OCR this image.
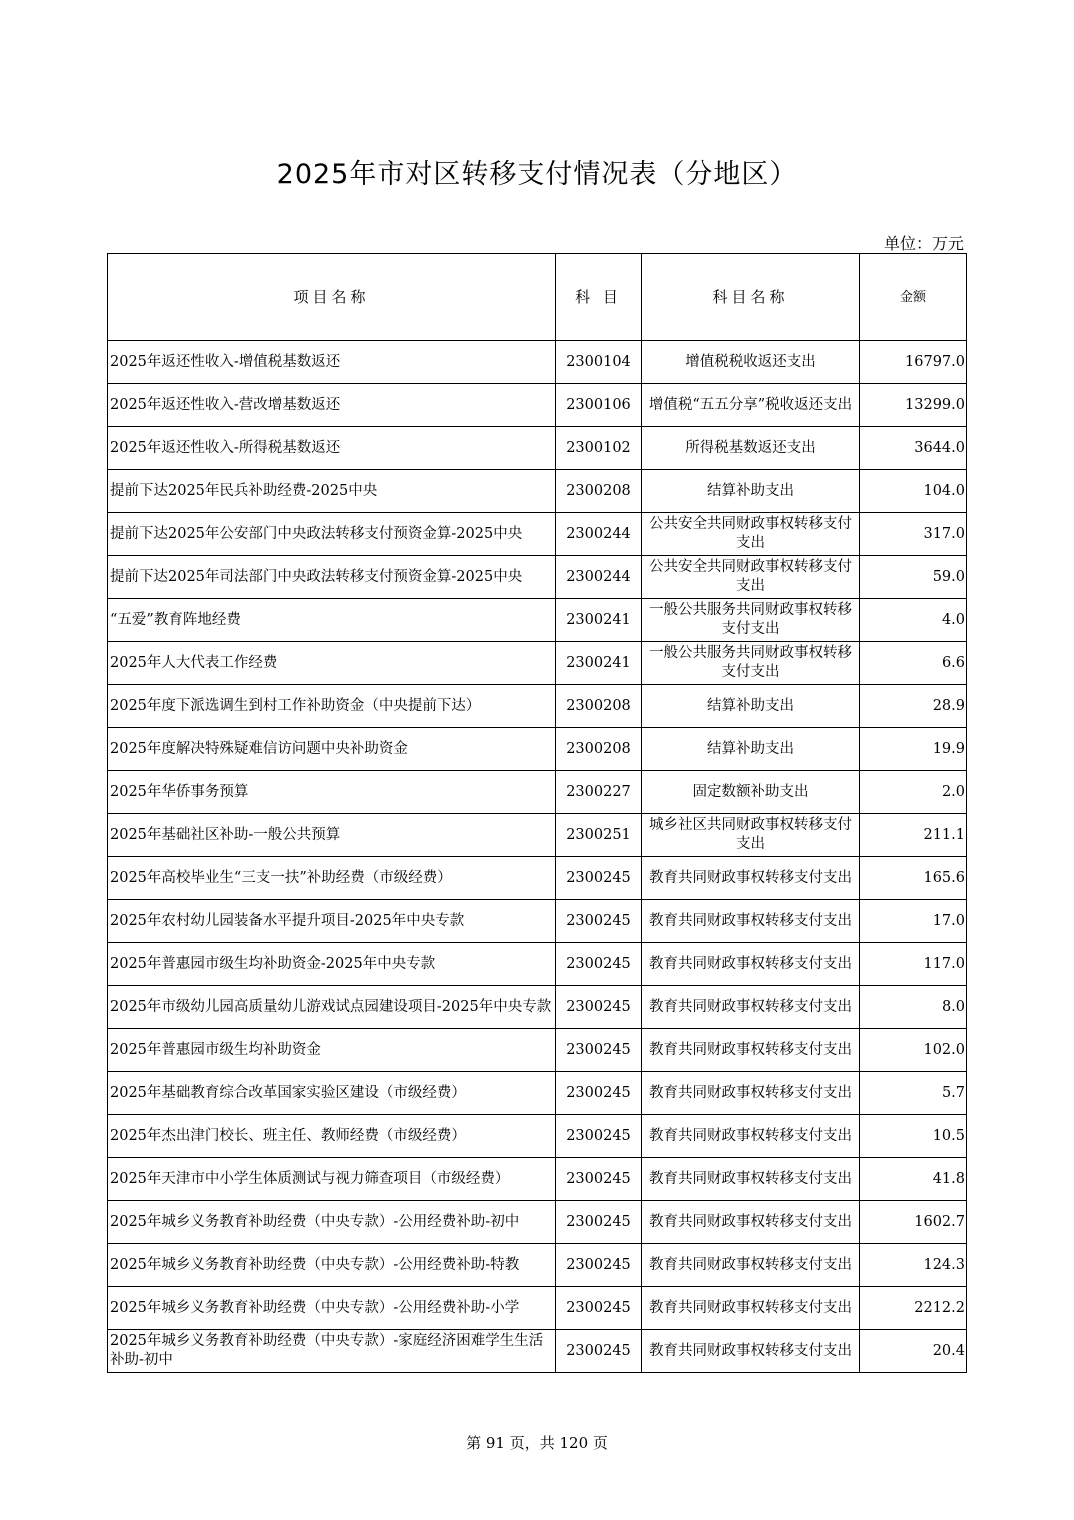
2025年市对区转移支付情况表（分地区）
单位：万元
项目名称	科 目	科目名称	金额
2025年返还性收入-增值税基数返还	2300104	增值税税收返还支出	16797.0
2025年返还性收入-营改增基数返还	2300106	增值税“五五分享”税收返还支出	13299.0
2025年返还性收入-所得税基数返还	2300102	所得税基数返还支出	3644.0
提前下达2025年民兵补助经费-2025中央	2300208	结算补助支出	104.0
提前下达2025年公安部门中央政法转移支付预资金算-2025中央	2300244	公共安全共同财政事权转移支付支出	317.0
提前下达2025年司法部门中央政法转移支付预资金算-2025中央	2300244	公共安全共同财政事权转移支付支出	59.0
“五爱”教育阵地经费	2300241	一般公共服务共同财政事权转移支付支出	4.0
2025年人大代表工作经费	2300241	一般公共服务共同财政事权转移支付支出	6.6
2025年度下派选调生到村工作补助资金（中央提前下达）	2300208	结算补助支出	28.9
2025年度解决特殊疑难信访问题中央补助资金	2300208	结算补助支出	19.9
2025年华侨事务预算	2300227	固定数额补助支出	2.0
2025年基础社区补助-一般公共预算	2300251	城乡社区共同财政事权转移支付支出	211.1
2025年高校毕业生“三支一扶”补助经费（市级经费）	2300245	教育共同财政事权转移支付支出	165.6
2025年农村幼儿园装备水平提升项目-2025年中央专款	2300245	教育共同财政事权转移支付支出	17.0
2025年普惠园市级生均补助资金-2025年中央专款	2300245	教育共同财政事权转移支付支出	117.0
2025年市级幼儿园高质量幼儿游戏试点园建设项目-2025年中央专款	2300245	教育共同财政事权转移支付支出	8.0
2025年普惠园市级生均补助资金	2300245	教育共同财政事权转移支付支出	102.0
2025年基础教育综合改革国家实验区建设（市级经费）	2300245	教育共同财政事权转移支付支出	5.7
2025年杰出津门校长、班主任、教师经费（市级经费）	2300245	教育共同财政事权转移支付支出	10.5
2025年天津市中小学生体质测试与视力筛查项目（市级经费）	2300245	教育共同财政事权转移支付支出	41.8
2025年城乡义务教育补助经费（中央专款）-公用经费补助-初中	2300245	教育共同财政事权转移支付支出	1602.7
2025年城乡义务教育补助经费（中央专款）-公用经费补助-特教	2300245	教育共同财政事权转移支付支出	124.3
2025年城乡义务教育补助经费（中央专款）-公用经费补助-小学	2300245	教育共同财政事权转移支付支出	2212.2
2025年城乡义务教育补助经费（中央专款）-家庭经济困难学生生活补助-初中	2300245	教育共同财政事权转移支付支出	20.4
第 91 页，共 120 页
